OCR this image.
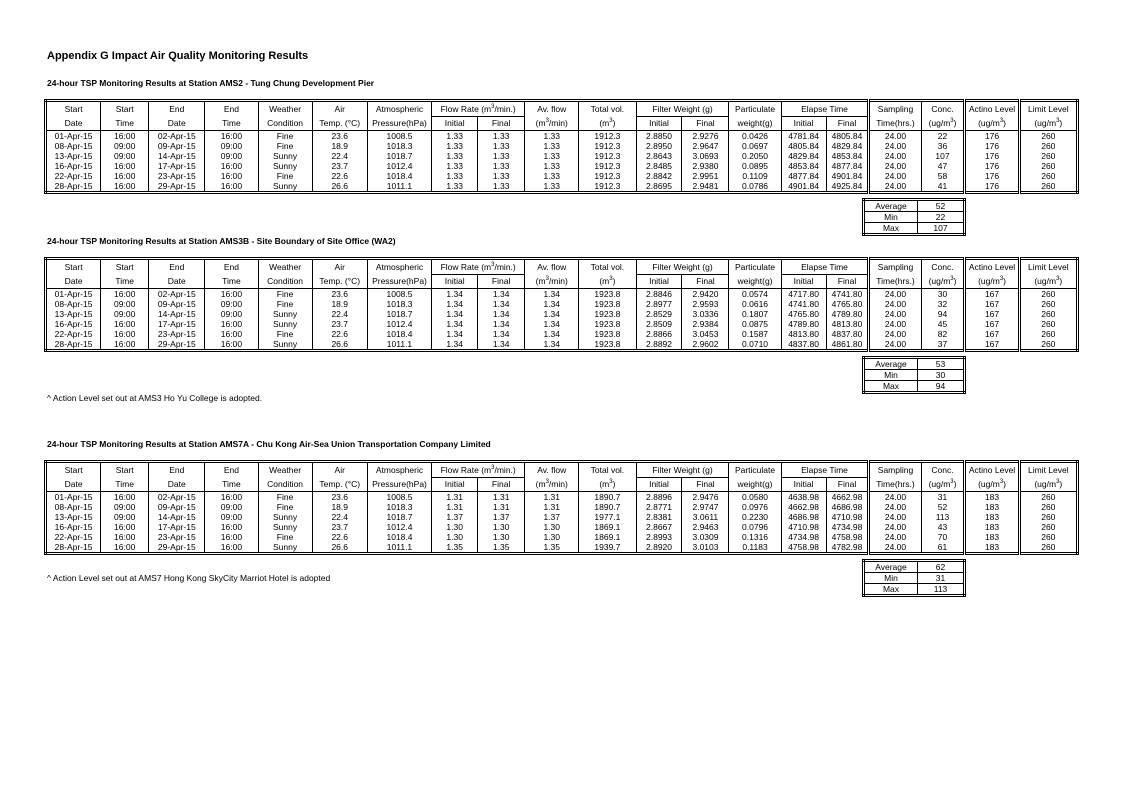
Appendix G Impact Air Quality Monitoring Results
24-hour TSP Monitoring Results at Station AMS2 - Tung Chung Development Pier
Start	Start	End	End	Weather	Air	Atmospheric	Flow Rate $(m^3/\min.)$		Av. flow	Total vol.	Filter Weight (g)		Particulate	Elapse Time		Sampling	Conc.	Actino Level	Limit Level
Date	Time	Date	Time	Condition	Temp. (°C)	Pressure(hPa)	Initial	Final	$(m^3/\min)$	$(m^3)$	Initial	Final	weight(g)	Initial	Final	Time(hrs.)	$(ug/m^3)$	$(ug/m^3)$	$(ug/m^3)$
01-Apr-15	16:00	02-Apr-15	16:00	Fine	23.6	1008.5	1.33	1.33	1.33	1912.3	2.8850	2.9276	0.0426	4781.84	4805.84	24.00	22	176	260
08-Apr-15	09:00	09-Apr-15	09:00	Fine	18.9	1018.3	1.33	1.33	1.33	1912.3	2.8950	2.9647	0.0697	4805.84	4829.84	24.00	36	176	260
13-Apr-15	09:00	14-Apr-15	09:00	Sunny	22.4	1018.7	1.33	1.33	1.33	1912.3	2.8643	3.0693	0.2050	4829.84	4853.84	24.00	107	176	260
16-Apr-15	16:00	17-Apr-15	16:00	Sunny	23.7	1012.4	1.33	1.33	1.33	1912.3	2.8485	2.9380	0.0895	4853.84	4877.84	24.00	47	176	260
22-Apr-15	16:00	23-Apr-15	16:00	Fine	22.6	1018.4	1.33	1.33	1.33	1912.3	2.8842	2.9951	0.1109	4877.84	4901.84	24.00	58	176	260
28-Apr-15	16:00	29-Apr-15	16:00	Sunny	26.6	1011.1	1.33	1.33	1.33	1912.3	2.8695	2.9481	0.0786	4901.84	4925.84	24.00	41	176	260
Average	52
Min	22
Max	107
24-hour TSP Monitoring Results at Station AMS3B - Site Boundary of Site Office (WA2)
Start	Start	End	End	Weather	Air	Atmospheric	Flow Rate $(m^3/\min.)$		Av. flow	Total vol.	Filter Weight (g)		Particulate	Elapse Time		Sampling	Conc.	Actino Level	Limit Level
Date	Time	Date	Time	Condition	Temp. (°C)	Pressure(hPa)	Initial	Final	$(m^3/\min)$	$(m^3)$	Initial	Final	weight(g)	Initial	Final	Time(hrs.)	$(ug/m^3)$	$(ug/m^3)$	$(ug/m^3)$
01-Apr-15	16:00	02-Apr-15	16:00	Fine	23.6	1008.5	1.34	1.34	1.34	1923.8	2.8846	2.9420	0.0574	4717.80	4741.80	24.00	30	167	260
08-Apr-15	09:00	09-Apr-15	09:00	Fine	18.9	1018.3	1.34	1.34	1.34	1923.8	2.8977	2.9593	0.0616	4741.80	4765.80	24.00	32	167	260
13-Apr-15	09:00	14-Apr-15	09:00	Sunny	22.4	1018.7	1.34	1.34	1.34	1923.8	2.8529	3.0336	0.1807	4765.80	4789.80	24.00	94	167	260
16-Apr-15	16:00	17-Apr-15	16:00	Sunny	23.7	1012.4	1.34	1.34	1.34	1923.8	2.8509	2.9384	0.0875	4789.80	4813.80	24.00	45	167	260
22-Apr-15	16:00	23-Apr-15	16:00	Fine	22.6	1018.4	1.34	1.34	1.34	1923.8	2.8866	3.0453	0.1587	4813.80	4837.80	24.00	82	167	260
28-Apr-15	16:00	29-Apr-15	16:00	Sunny	26.6	1011.1	1.34	1.34	1.34	1923.8	2.8892	2.9602	0.0710	4837.80	4861.80	24.00	37	167	260
Average	53
Min	30
Max	94
^ Action Level set out at AMS3 Ho Yu College is adopted.
24-hour TSP Monitoring Results at Station AMS7A - Chu Kong Air-Sea Union Transportation Company Limited
Start	Start	End	End	Weather	Air	Atmospheric	Flow Rate $(m^3/\min.)$		Av. flow	Total vol.	Filter Weight (g)		Particulate	Elapse Time		Sampling	Conc.	Actino Level	Limit Level
Date	Time	Date	Time	Condition	Temp. (°C)	Pressure(hPa)	Initial	Final	$(m^3/\min)$	$(m^3)$	Initial	Final	weight(g)	Initial	Final	Time(hrs.)	$(ug/m^3)$	$(ug/m^3)$	$(ug/m^3)$
01-Apr-15	16:00	02-Apr-15	16:00	Fine	23.6	1008.5	1.31	1.31	1.31	1890.7	2.8896	2.9476	0.0580	4638.98	4662.98	24.00	31	183	260
08-Apr-15	09:00	09-Apr-15	09:00	Fine	18.9	1018.3	1.31	1.31	1.31	1890.7	2.8771	2.9747	0.0976	4662.98	4686.98	24.00	52	183	260
13-Apr-15	09:00	14-Apr-15	09:00	Sunny	22.4	1018.7	1.37	1.37	1.37	1977.1	2.8381	3.0611	0.2230	4686.98	4710.98	24.00	113	183	260
16-Apr-15	16:00	17-Apr-15	16:00	Sunny	23.7	1012.4	1.30	1.30	1.30	1869.1	2.8667	2.9463	0.0796	4710.98	4734.98	24.00	43	183	260
22-Apr-15	16:00	23-Apr-15	16:00	Fine	22.6	1018.4	1.30	1.30	1.30	1869.1	2.8993	3.0309	0.1316	4734.98	4758.98	24.00	70	183	260
28-Apr-15	16:00	29-Apr-15	16:00	Sunny	26.6	1011.1	1.35	1.35	1.35	1939.7	2.8920	3.0103	0.1183	4758.98	4782.98	24.00	61	183	260
Average	62
Min	31
Max	113
^ Action Level set out at AMS7 Hong Kong SkyCity Marriot Hotel is adopted
